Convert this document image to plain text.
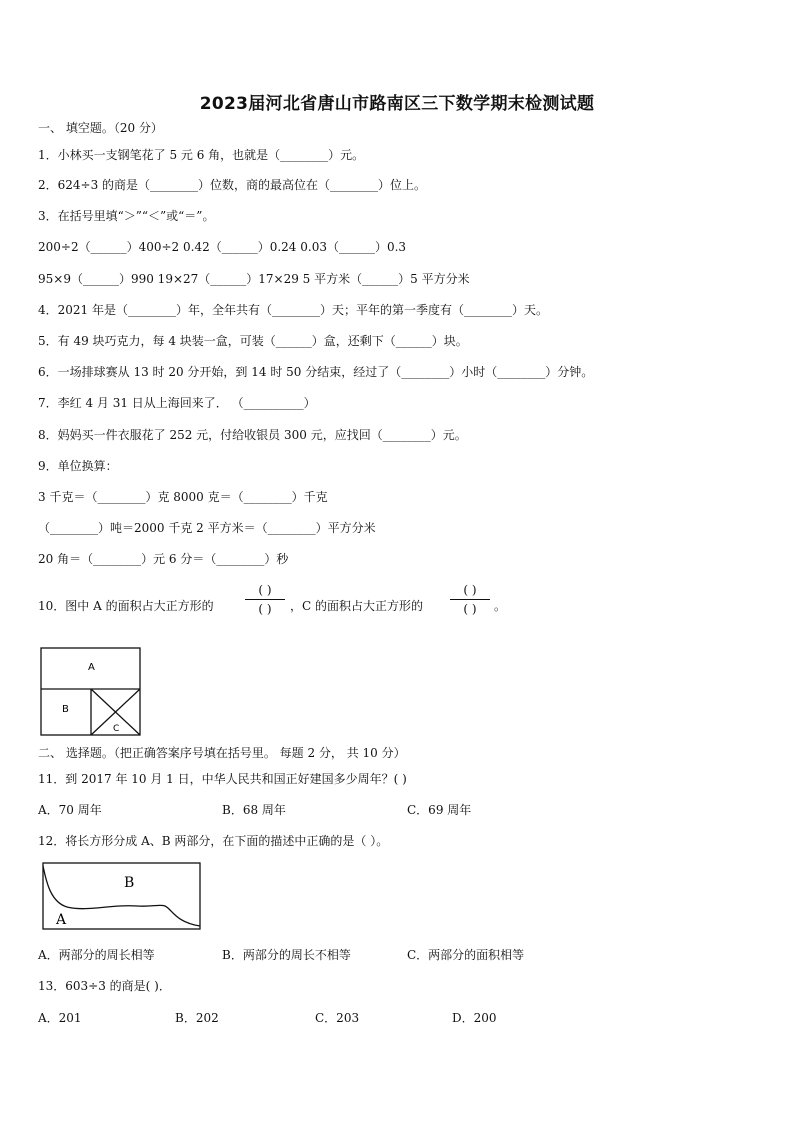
2023届河北省唐山市路南区三下数学期末检测试题
一、 填空题。（20 分）
1．小林买一支钢笔花了 5 元 6 角，也就是（________）元。
2．624÷3 的商是（________）位数，商的最高位在（________）位上。
3．在括号里填“＞”“＜”或“＝”。
200÷2（______）400÷2 0.42（______）0.24 0.03（______）0.3
95×9（______）990 19×27（______）17×29 5 平方米（______）5 平方分米
4．2021 年是（________）年，全年共有（________）天；平年的第一季度有（________）天。
5．有 49 块巧克力，每 4 块装一盒，可装（______）盒，还剩下（______）块。
6．一场排球赛从 13 时 20 分开始，到 14 时 50 分结束，经过了（________）小时（________）分钟。
7．李红 4 月 31 日从上海回来了． （__________）
8．妈妈买一件衣服花了 252 元，付给收银员 300 元，应找回（________）元。
9．单位换算：
3 千克＝（________）克 8000 克＝（________）千克
（________）吨＝2000 千克 2 平方米＝（________）平方分米
20 角＝（________）元 6 分＝（________）秒
10．图中 A 的面积占大正方形的
( )
( )	，C 的面积占大正方形的
( )
( )	。
A
B
C
二、 选择题。（把正确答案序号填在括号里。 每题 2 分， 共 10 分）
11．到 2017 年 10 月 1 日，中华人民共和国正好建国多少周年？( )
A．70 周年	B．68 周年	C．69 周年
12．将长方形分成 A、B 两部分，在下面的描述中正确的是（ ）。
B
A
A．两部分的周长相等	B．两部分的周长不相等	C．两部分的面积相等
13．603÷3 的商是( )．
A．201	B．202	C．203	D．200
